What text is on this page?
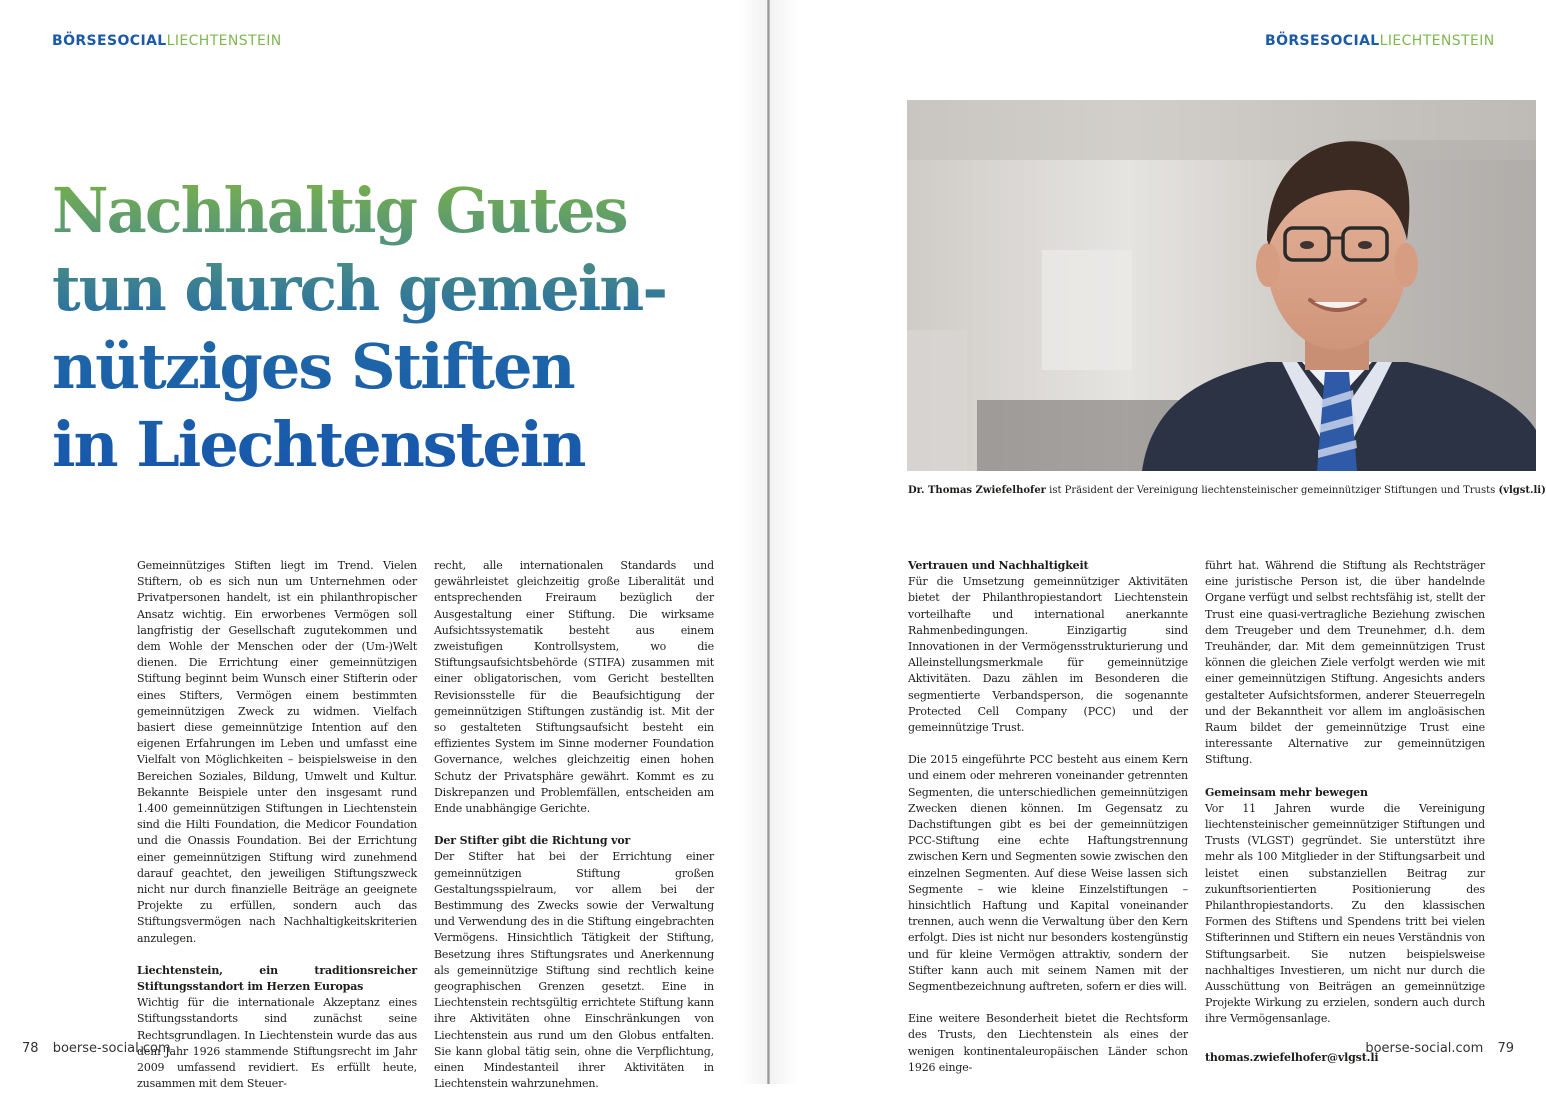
BÖRSESOCIALLIECHTENSTEIN
Nachhaltig Gutes
tun durch gemein-
nütziges Stiften
in Liechtenstein

Gemeinnütziges Stiften liegt im Trend. Vielen Stiftern, ob es sich nun um Unternehmen oder Privatpersonen handelt, ist ein philanthropischer Ansatz wichtig. Ein erworbenes Vermögen soll langfristig der Gesellschaft zugutekommen und dem Wohle der Menschen oder der (Um-)Welt dienen. Die Errichtung einer gemeinnützigen Stiftung beginnt beim Wunsch einer Stifterin oder eines Stifters, Vermögen einem bestimmten gemeinnützigen Zweck zu widmen. Vielfach basiert diese gemeinnützige Intention auf den eigenen Erfahrungen im Leben und umfasst eine Vielfalt von Möglichkeiten – beispielsweise in den Bereichen Soziales, Bildung, Umwelt und Kultur. Bekannte Beispiele unter den insgesamt rund 1.400 gemeinnützigen Stiftungen in Liechtenstein sind die Hilti Foundation, die Medicor Foundation und die Onassis Foundation. Bei der Errichtung einer gemeinnützigen Stiftung wird zunehmend darauf geachtet, den jeweiligen Stiftungszweck nicht nur durch finanzielle Beiträge an geeignete Projekte zu erfüllen, sondern auch das Stiftungsvermögen nach Nachhaltigkeitskriterien anzulegen.

Liechtenstein, ein traditionsreicher Stiftungsstandort im Herzen Europas

Wichtig für die internationale Akzeptanz eines Stiftungsstandorts sind zunächst seine Rechtsgrundlagen. In Liechtenstein wurde das aus dem Jahr 1926 stammende Stiftungsrecht im Jahr 2009 umfassend revidiert. Es erfüllt heute, zusammen mit dem Steuer-

recht, alle internationalen Standards und gewährleistet gleichzeitig große Liberalität und entsprechenden Freiraum bezüglich der Ausgestaltung einer Stiftung. Die wirksame Aufsichtssystematik besteht aus einem zweistufigen Kontrollsystem, wo die Stiftungsaufsichtsbehörde (STIFA) zusammen mit einer obligatorischen, vom Gericht bestellten Revisionsstelle für die Beaufsichtigung der gemeinnützigen Stiftungen zuständig ist. Mit der so gestalteten Stiftungsaufsicht besteht ein effizientes System im Sinne moderner Foundation Governance, welches gleichzeitig einen hohen Schutz der Privatsphäre gewährt. Kommt es zu Diskrepanzen und Problemfällen, entscheiden am Ende unabhängige Gerichte.

Der Stifter gibt die Richtung vor

Der Stifter hat bei der Errichtung einer gemeinnützigen Stiftung großen Gestaltungsspielraum, vor allem bei der Bestimmung des Zwecks sowie der Verwaltung und Verwendung des in die Stiftung eingebrachten Vermögens. Hinsichtlich Tätigkeit der Stiftung, Besetzung ihres Stiftungsrates und Anerkennung als gemeinnützige Stiftung sind rechtlich keine geographischen Grenzen gesetzt. Eine in Liechtenstein rechtsgültig errichtete Stiftung kann ihre Aktivitäten ohne Einschränkungen von Liechtenstein aus rund um den Globus entfalten. Sie kann global tätig sein, ohne die Verpflichtung, einen Mindestanteil ihrer Aktivitäten in Liechtenstein wahrzunehmen.

78 boerse-social.com
BÖRSESOCIALLIECHTENSTEIN
Dr. Thomas Zwiefelhofer ist Präsident der Vereinigung liechtensteinischer gemeinnütziger Stiftungen und Trusts (vlgst.li)

Vertrauen und Nachhaltigkeit

Für die Umsetzung gemeinnütziger Aktivitäten bietet der Philanthropiestandort Liechtenstein vorteilhafte und international anerkannte Rahmenbedingungen. Einzigartig sind Innovationen in der Vermögensstrukturierung und Alleinstellungsmerkmale für gemeinnützige Aktivitäten. Dazu zählen im Besonderen die segmentierte Verbandsperson, die sogenannte Protected Cell Company (PCC) und der gemeinnützige Trust.

Die 2015 eingeführte PCC besteht aus einem Kern und einem oder mehreren voneinander getrennten Segmenten, die unterschiedlichen gemeinnützigen Zwecken dienen können. Im Gegensatz zu Dachstiftungen gibt es bei der gemeinnützigen PCC-Stiftung eine echte Haftungstrennung zwischen Kern und Segmenten sowie zwischen den einzelnen Segmenten. Auf diese Weise lassen sich Segmente – wie kleine Einzelstiftungen – hinsichtlich Haftung und Kapital voneinander trennen, auch wenn die Verwaltung über den Kern erfolgt. Dies ist nicht nur besonders kostengünstig und für kleine Vermögen attraktiv, sondern der Stifter kann auch mit seinem Namen mit der Segmentbezeichnung auftreten, sofern er dies will.

Eine weitere Besonderheit bietet die Rechtsform des Trusts, den Liechtenstein als eines der wenigen kontinentaleuropäischen Länder schon 1926 einge-

führt hat. Während die Stiftung als Rechtsträger eine juristische Person ist, die über handelnde Organe verfügt und selbst rechtsfähig ist, stellt der Trust eine quasi-vertragliche Beziehung zwischen dem Treugeber und dem Treunehmer, d.h. dem Treuhänder, dar. Mit dem gemeinnützigen Trust können die gleichen Ziele verfolgt werden wie mit einer gemeinnützigen Stiftung. Angesichts anders gestalteter Aufsichtsformen, anderer Steuerregeln und der Bekanntheit vor allem im angloäsischen Raum bildet der gemeinnützige Trust eine interessante Alternative zur gemeinnützigen Stiftung.

Gemeinsam mehr bewegen

Vor 11 Jahren wurde die Vereinigung liechtensteinischer gemeinnütziger Stiftungen und Trusts (VLGST) gegründet. Sie unterstützt ihre mehr als 100 Mitglieder in der Stiftungsarbeit und leistet einen substanziellen Beitrag zur zukunftsorientierten Positionierung des Philanthropiestandorts. Zu den klassischen Formen des Stiftens und Spendens tritt bei vielen Stifterinnen und Stiftern ein neues Verständnis von Stiftungsarbeit. Sie nutzen beispielsweise nachhaltiges Investieren, um nicht nur durch die Ausschüttung von Beiträgen an gemeinnützige Projekte Wirkung zu erzielen, sondern auch durch ihre Vermögensanlage.

thomas.zwiefelhofer@vlgst.li

boerse-social.com 79
